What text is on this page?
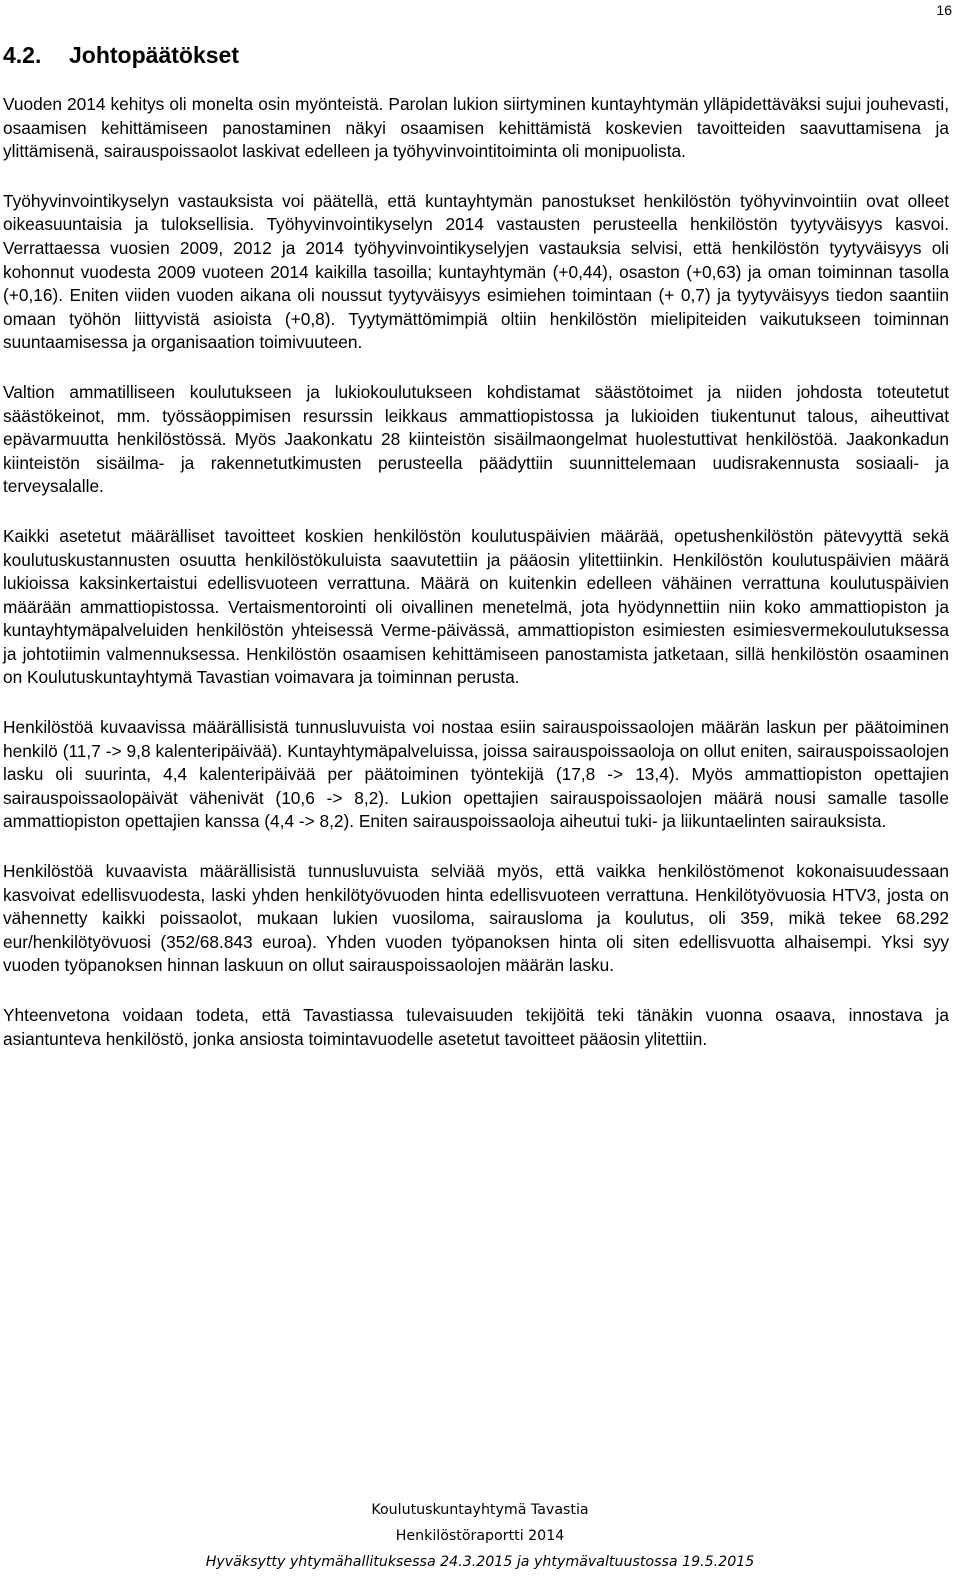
16
4.2. Johtopäätökset

Vuoden 2014 kehitys oli monelta osin myönteistä. Parolan lukion siirtyminen kuntayhtymän ylläpidettäväksi sujui jouhevasti, osaamisen kehittämiseen panostaminen näkyi osaamisen kehittämistä koskevien tavoitteiden saavuttamisena ja ylittämisenä, sairauspoissaolot laskivat edelleen ja työhyvinvointitoiminta oli monipuolista.

Työhyvinvointikyselyn vastauksista voi päätellä, että kuntayhtymän panostukset henkilöstön työhyvinvointiin ovat olleet oikeasuuntaisia ja tuloksellisia. Työhyvinvointikyselyn 2014 vastausten perusteella henkilöstön tyytyväisyys kasvoi. Verrattaessa vuosien 2009, 2012 ja 2014 työhyvinvointikyselyjen vastauksia selvisi, että henkilöstön tyytyväisyys oli kohonnut vuodesta 2009 vuoteen 2014 kaikilla tasoilla; kuntayhtymän (+0,44), osaston (+0,63) ja oman toiminnan tasolla (+0,16). Eniten viiden vuoden aikana oli noussut tyytyväisyys esimiehen toimintaan (+ 0,7) ja tyytyväisyys tiedon saantiin omaan työhön liittyvistä asioista (+0,8). Tyytymättömimpiä oltiin henkilöstön mielipiteiden vaikutukseen toiminnan suuntaamisessa ja organisaation toimivuuteen.

Valtion ammatilliseen koulutukseen ja lukiokoulutukseen kohdistamat säästötoimet ja niiden johdosta toteutetut säästökeinot, mm. työssäoppimisen resurssin leikkaus ammattiopistossa ja lukioiden tiukentunut talous, aiheuttivat epävarmuutta henkilöstössä. Myös Jaakonkatu 28 kiinteistön sisäilmaongelmat huolestuttivat henkilöstöä. Jaakonkadun kiinteistön sisäilma- ja rakennetutkimusten perusteella päädyttiin suunnittelemaan uudisrakennusta sosiaali- ja terveysalalle.

Kaikki asetetut määrälliset tavoitteet koskien henkilöstön koulutuspäivien määrää, opetushenkilöstön pätevyyttä sekä koulutuskustannusten osuutta henkilöstökuluista saavutettiin ja pääosin ylitettiinkin. Henkilöstön koulutuspäivien määrä lukioissa kaksinkertaistui edellisvuoteen verrattuna. Määrä on kuitenkin edelleen vähäinen verrattuna koulutuspäivien määrään ammattiopistossa. Vertaismentorointi oli oivallinen menetelmä, jota hyödynnettiin niin koko ammattiopiston ja kuntayhtymäpalveluiden henkilöstön yhteisessä Verme-päivässä, ammattiopiston esimiesten esimiesvermekoulutuksessa ja johtotiimin valmennuksessa. Henkilöstön osaamisen kehittämiseen panostamista jatketaan, sillä henkilöstön osaaminen on Koulutuskuntayhtymä Tavastian voimavara ja toiminnan perusta.

Henkilöstöä kuvaavissa määrällisistä tunnusluvuista voi nostaa esiin sairauspoissaolojen määrän laskun per päätoiminen henkilö (11,7 -> 9,8 kalenteripäivää). Kuntayhtymäpalveluissa, joissa sairauspoissaoloja on ollut eniten, sairauspoissaolojen lasku oli suurinta, 4,4 kalenteripäivää per päätoiminen työntekijä (17,8 -> 13,4). Myös ammattiopiston opettajien sairauspoissaolopäivät vähenivät (10,6 -> 8,2). Lukion opettajien sairauspoissaolojen määrä nousi samalle tasolle ammattiopiston opettajien kanssa (4,4 -> 8,2). Eniten sairauspoissaoloja aiheutui tuki- ja liikuntaelinten sairauksista.

Henkilöstöä kuvaavista määrällisistä tunnusluvuista selviää myös, että vaikka henkilöstömenot kokonaisuudessaan kasvoivat edellisvuodesta, laski yhden henkilötyövuoden hinta edellisvuoteen verrattuna. Henkilötyövuosia HTV3, josta on vähennetty kaikki poissaolot, mukaan lukien vuosiloma, sairausloma ja koulutus, oli 359, mikä tekee 68.292 eur/henkilötyövuosi (352/68.843 euroa). Yhden vuoden työpanoksen hinta oli siten edellisvuotta alhaisempi. Yksi syy vuoden työpanoksen hinnan laskuun on ollut sairauspoissaolojen määrän lasku.

Yhteenvetona voidaan todeta, että Tavastiassa tulevaisuuden tekijöitä teki tänäkin vuonna osaava, innostava ja asiantunteva henkilöstö, jonka ansiosta toimintavuodelle asetetut tavoitteet pääosin ylitettiin.

Koulutuskuntayhtymä Tavastia
Henkilöstöraportti 2014
Hyväksytty yhtymähallituksessa 24.3.2015 ja yhtymävaltuustossa 19.5.2015
